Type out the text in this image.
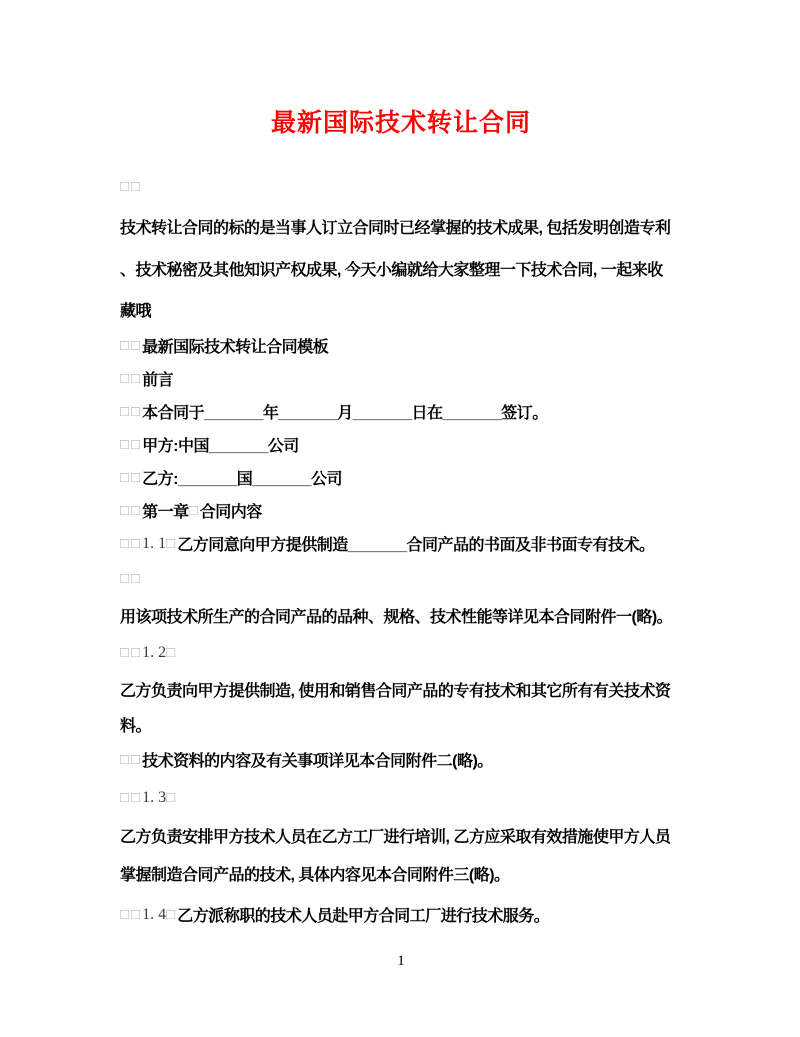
最新国际技术转让合同
□□
技术转让合同的标的是当事人订立合同时已经掌握的技术成果, 包括发明创造专利
、技术秘密及其他知识产权成果, 今天小编就给大家整理一下技术合同, 一起来收
藏哦
□□ 最新国际技术转让合同模板
□□ 前言
□□ 本合同于_______年_______月_______日在_______签订。
□□ 甲方:中国_______公司
□□ 乙方:_______国_______公司
□□ 第一章 □ 合同内容
□□ 1. 1 □ 乙方同意向甲方提供制造_______合同产品的书面及非书面专有技术。
□□
用该项技术所生产的合同产品的品种、规格、技术性能等详见本合同附件一(略)。
□□ 1. 2 □
乙方负责向甲方提供制造, 使用和销售合同产品的专有技术和其它所有有关技术资
料。
□□ 技术资料的内容及有关事项详见本合同附件二(略)。
□□ 1. 3 □
乙方负责安排甲方技术人员在乙方工厂进行培训, 乙方应采取有效措施使甲方人员
掌握制造合同产品的技术, 具体内容见本合同附件三(略)。
□□ 1. 4 □ 乙方派称职的技术人员赴甲方合同工厂进行技术服务。
1
